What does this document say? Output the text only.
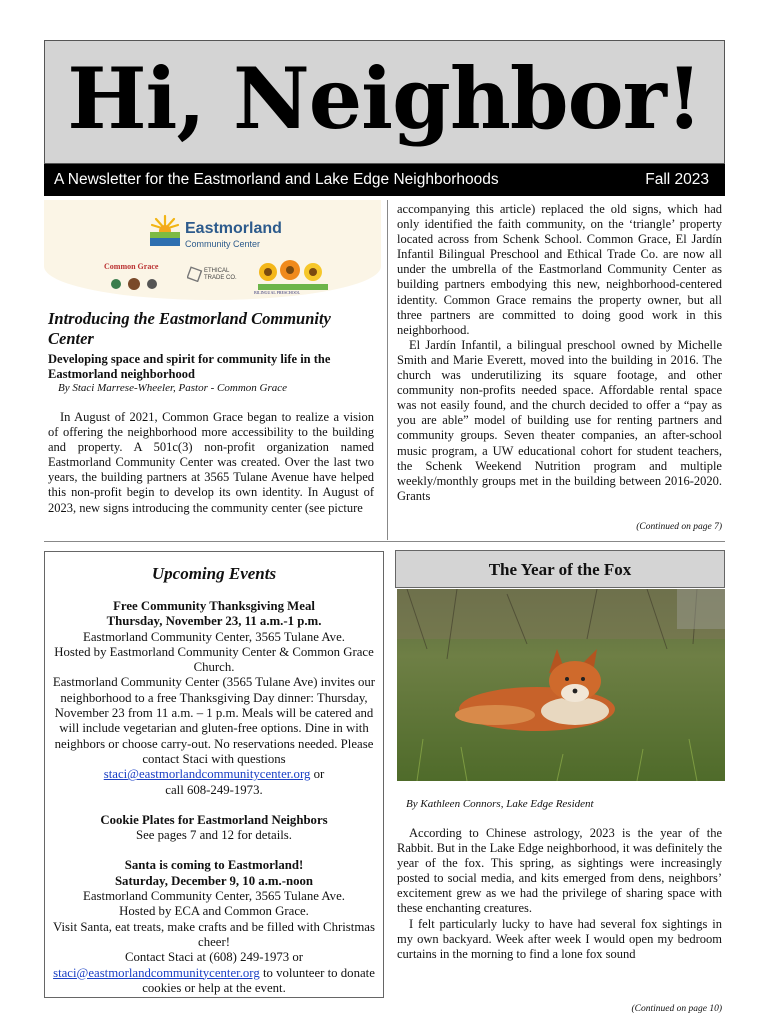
Hi, Neighbor!
A Newsletter for the Eastmorland and Lake Edge Neighborhoods	Fall 2023
Eastmorland
Community Center
Common Grace	ETHICAL
TRADE CO.
BILINGUAL PRESCHOOL
Introducing the Eastmorland Community Center
Developing space and spirit for community life in the Eastmorland neighborhood
By Staci Marrese-Wheeler, Pastor - Common Grace

In August of 2021, Common Grace began to realize a vision of offering the neighborhood more accessibility to the building and property. A 501c(3) non-profit organization named Eastmorland Community Center was created. Over the last two years, the building partners at 3565 Tulane Avenue have helped this non-profit begin to develop its own identity. In August of 2023, new signs introducing the community center (see picture

accompanying this article) replaced the old signs, which had only identified the faith community, on the ‘triangle’ property located across from Schenk School. Common Grace, El Jardín Infantil Bilingual Preschool and Ethical Trade Co. are now all under the umbrella of the Eastmorland Community Center as building partners embodying this new, neighborhood-centered identity. Common Grace remains the property owner, but all three partners are committed to doing good work in this neighborhood.

El Jardín Infantil, a bilingual preschool owned by Michelle Smith and Marie Everett, moved into the building in 2016. The church was underutilizing its square footage, and other community non-profits needed space. Affordable rental space was not easily found, and the church decided to offer a “pay as you are able” model of building use for renting partners and community groups. Seven theater companies, an after-school music program, a UW educational cohort for student teachers, the Schenk Weekend Nutrition program and multiple weekly/monthly groups met in the building between 2016-2020. Grants

(Continued on page 7)
Upcoming Events
Free Community Thanksgiving Meal
Thursday, November 23, 11 a.m.-1 p.m.
Eastmorland Community Center, 3565 Tulane Ave.
Hosted by Eastmorland Community Center & Common Grace Church.
Eastmorland Community Center (3565 Tulane Ave) invites our neighborhood to a free Thanksgiving Day dinner: Thursday, November 23 from 11 a.m. – 1 p.m. Meals will be catered and will include vegetarian and gluten-free options. Dine in with neighbors or choose carry-out. No reservations needed. Please contact Staci with questions
staci@eastmorlandcommunitycenter.org or
call 608-249-1973.
Cookie Plates for Eastmorland Neighbors
See pages 7 and 12 for details.
Santa is coming to Eastmorland!
Saturday, December 9, 10 a.m.-noon
Eastmorland Community Center, 3565 Tulane Ave.
Hosted by ECA and Common Grace.
Visit Santa, eat treats, make crafts and be filled with Christmas cheer!
Contact Staci at (608) 249-1973 or
staci@eastmorlandcommunitycenter.org to volunteer to donate cookies or help at the event.
The Year of the Fox
By Kathleen Connors, Lake Edge Resident

According to Chinese astrology, 2023 is the year of the Rabbit. But in the Lake Edge neighborhood, it was definitely the year of the fox. This spring, as sightings were increasingly posted to social media, and kits emerged from dens, neighbors’ excitement grew as we had the privilege of sharing space with these enchanting creatures.

I felt particularly lucky to have had several fox sightings in my own backyard. Week after week I would open my bedroom curtains in the morning to find a lone fox sound

(Continued on page 10)
